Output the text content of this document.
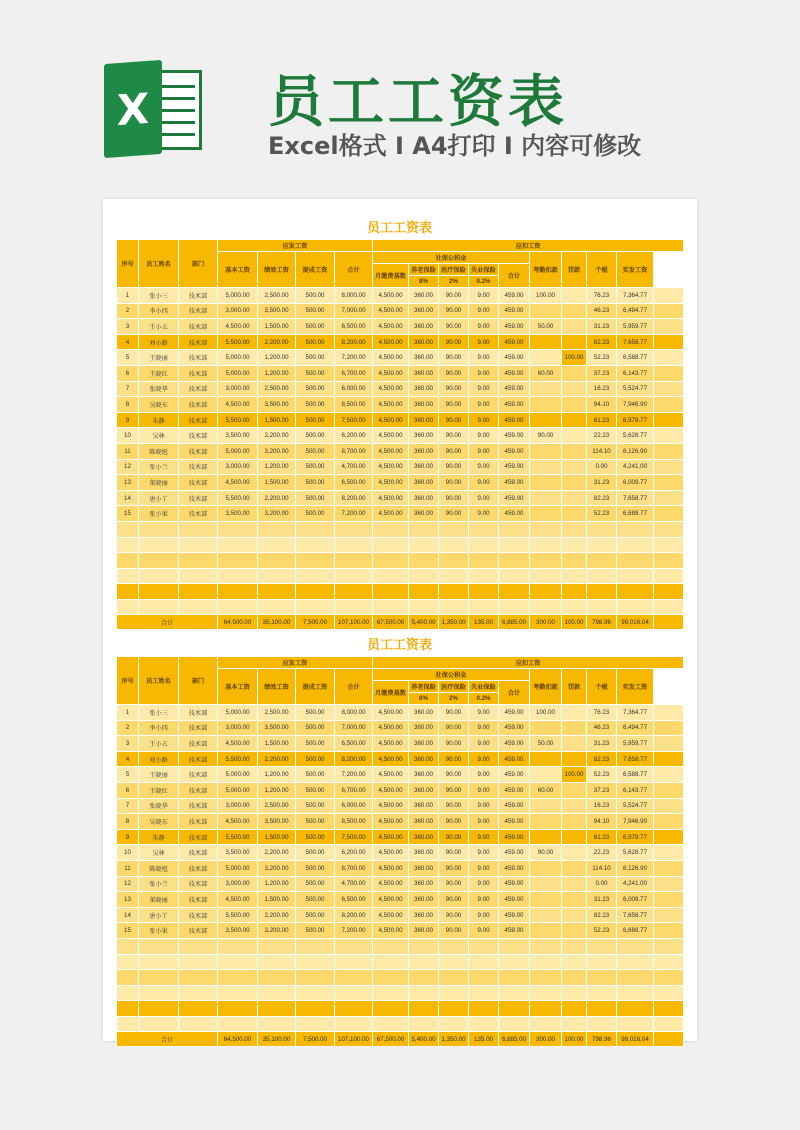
X 员工工资表
Excel格式 I A4打印 I 内容可修改
员工工资表
序号	员工姓名	部门	应发工资				应扣工资	
			基本工资	绩效工资	提成工资	合计	社保公积金					考勤扣款	罚款	个税	实发工资		
							月缴费基数	养老保险	医疗保险	失业保险	合计						
								8%	2%	0.2%							
1	张小三	技术部	5,000.00	2,500.00	500.00	8,000.00	4,500.00	360.00	90.00	9.00	459.00	100.00		76.23	7,364.77		
2	李小四	技术部	3,000.00	3,500.00	500.00	7,000.00	4,500.00	360.00	90.00	9.00	459.00			46.23	6,494.77		
3	王小五	技术部	4,500.00	1,500.00	500.00	6,500.00	4,500.00	360.00	90.00	9.00	459.00	50.00		31.23	5,959.77		
4	刘小路	技术部	5,500.00	2,200.00	500.00	8,200.00	4,500.00	360.00	90.00	9.00	459.00			82.23	7,658.77		
5	王晓丽	技术部	5,000.00	1,200.00	500.00	7,200.00	4,500.00	360.00	90.00	9.00	459.00		100.00	52.23	6,588.77		
6	王晓红	技术部	5,000.00	1,200.00	500.00	6,700.00	4,500.00	360.00	90.00	9.00	459.00	60.00		37.23	6,143.77		
7	张晓华	技术部	3,000.00	2,500.00	500.00	6,000.00	4,500.00	360.00	90.00	9.00	459.00			16.23	5,524.77		
8	吴晓东	技术部	4,500.00	3,500.00	500.00	8,500.00	4,500.00	360.00	90.00	9.00	459.00			94.10	7,946.90		
9	朱静	技术部	5,500.00	1,500.00	500.00	7,500.00	4,500.00	360.00	90.00	9.00	459.00			61.23	6,979.77		
10	吴林	技术部	3,500.00	2,200.00	500.00	6,200.00	4,500.00	360.00	90.00	9.00	459.00	90.00		22.23	5,628.77		
11	陈晓旭	技术部	5,000.00	3,200.00	500.00	8,700.00	4,500.00	360.00	90.00	9.00	459.00			114.10	8,126.90		
12	张小兰	技术部	3,000.00	1,200.00	500.00	4,700.00	4,500.00	360.00	90.00	9.00	459.00			0.00	4,241.00		
13	董晓丽	技术部	4,500.00	1,500.00	500.00	6,500.00	4,500.00	360.00	90.00	9.00	459.00			31.23	6,009.77		
14	唐小丫	技术部	5,500.00	2,200.00	500.00	8,200.00	4,500.00	360.00	90.00	9.00	459.00			82.23	7,658.77		
15	张小果	技术部	3,500.00	3,200.00	500.00	7,200.00	4,500.00	360.00	90.00	9.00	459.00			52.23	6,688.77		

合计			64,500.00	35,100.00	7,500.00	107,100.00	67,500.00	5,400.00	1,350.00	135.00	6,885.00	300.00	100.00	798.96	99,016.04		
员工工资表
序号	员工姓名	部门	应发工资				应扣工资	
			基本工资	绩效工资	提成工资	合计	社保公积金					考勤扣款	罚款	个税	实发工资		
							月缴费基数	养老保险	医疗保险	失业保险	合计						
								8%	2%	0.2%							
1	张小三	技术部	5,000.00	2,500.00	500.00	8,000.00	4,500.00	360.00	90.00	9.00	459.00	100.00		76.23	7,364.77		
2	李小四	技术部	3,000.00	3,500.00	500.00	7,000.00	4,500.00	360.00	90.00	9.00	459.00			46.23	6,494.77		
3	王小五	技术部	4,500.00	1,500.00	500.00	6,500.00	4,500.00	360.00	90.00	9.00	459.00	50.00		31.23	5,959.77		
4	刘小路	技术部	5,500.00	2,200.00	500.00	8,200.00	4,500.00	360.00	90.00	9.00	459.00			82.23	7,658.77		
5	王晓丽	技术部	5,000.00	1,200.00	500.00	7,200.00	4,500.00	360.00	90.00	9.00	459.00		100.00	52.23	6,588.77		
6	王晓红	技术部	5,000.00	1,200.00	500.00	6,700.00	4,500.00	360.00	90.00	9.00	459.00	60.00		37.23	6,143.77		
7	张晓华	技术部	3,000.00	2,500.00	500.00	6,000.00	4,500.00	360.00	90.00	9.00	459.00			16.23	5,524.77		
8	吴晓东	技术部	4,500.00	3,500.00	500.00	8,500.00	4,500.00	360.00	90.00	9.00	459.00			94.10	7,946.90		
9	朱静	技术部	5,500.00	1,500.00	500.00	7,500.00	4,500.00	360.00	90.00	9.00	459.00			61.23	6,979.77		
10	吴林	技术部	3,500.00	2,200.00	500.00	6,200.00	4,500.00	360.00	90.00	9.00	459.00	90.00		22.23	5,628.77		
11	陈晓旭	技术部	5,000.00	3,200.00	500.00	8,700.00	4,500.00	360.00	90.00	9.00	459.00			114.10	8,126.90		
12	张小兰	技术部	3,000.00	1,200.00	500.00	4,700.00	4,500.00	360.00	90.00	9.00	459.00			0.00	4,241.00		
13	董晓丽	技术部	4,500.00	1,500.00	500.00	6,500.00	4,500.00	360.00	90.00	9.00	459.00			31.23	6,009.77		
14	唐小丫	技术部	5,500.00	2,200.00	500.00	8,200.00	4,500.00	360.00	90.00	9.00	459.00			82.23	7,658.77		
15	张小果	技术部	3,500.00	3,200.00	500.00	7,200.00	4,500.00	360.00	90.00	9.00	459.00			52.23	6,688.77		

合计			64,500.00	35,100.00	7,500.00	107,100.00	67,500.00	5,400.00	1,350.00	135.00	6,885.00	300.00	100.00	798.96	99,016.04		
